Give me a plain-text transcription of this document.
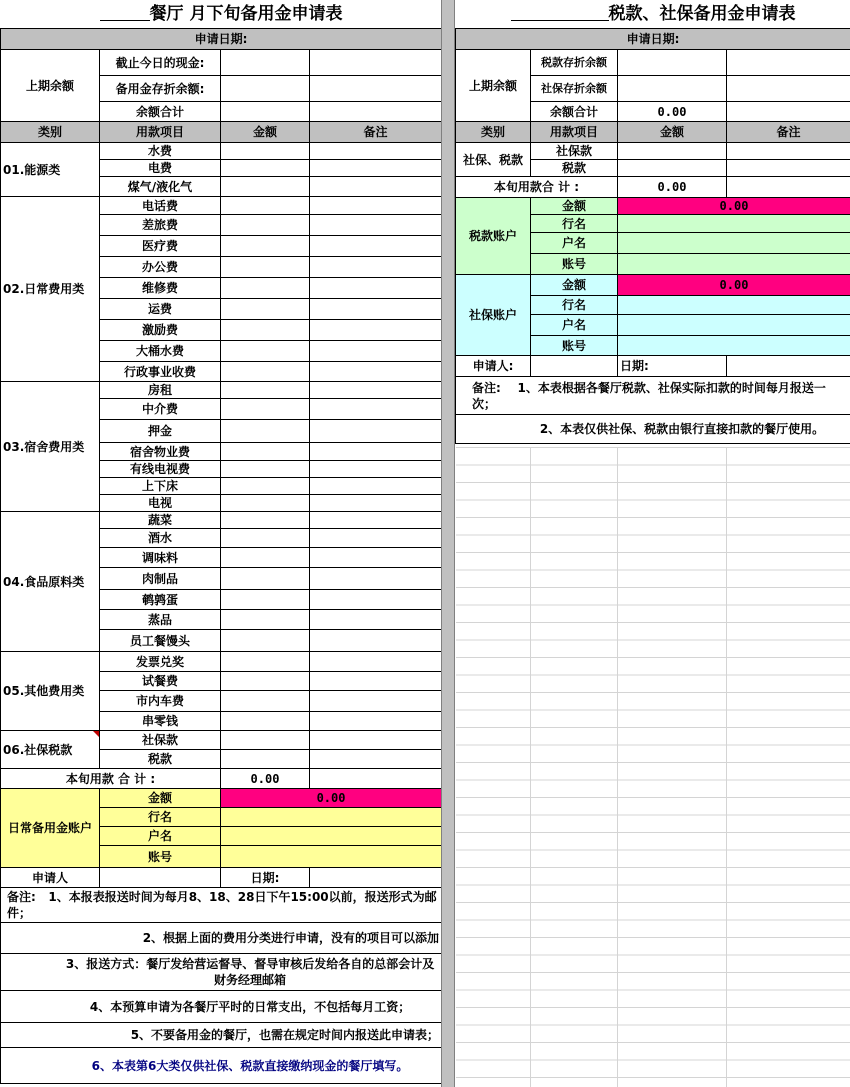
餐厅 月下旬备用金申请表			
申请日期:			
上期余额	截止今日的现金:		
	备用金存折余额:		
	余额合计		
类别	用款项目	金额	备注
01.能源类	水费		
	电费		
	煤气/液化气		
02.日常费用类	电话费		
	差旅费		
	医疗费		
	办公费		
	维修费		
	运费		
	激励费		
	大桶水费		
	行政事业收费		
03.宿舍费用类	房租		
	中介费		
	押金		
	宿舍物业费		
	有线电视费		
	上下床		
	电视		
04.食品原料类	蔬菜		
	酒水		
	调味料		
	肉制品		
	鹌鹑蛋		
	蒸品		
	员工餐馒头		
05.其他费用类	发票兑奖		
	试餐费		
	市内车费		
	串零钱		
06.社保税款	社保款		
	税款		
本旬用款 合 计 :		0.00	
日常备用金账户	金额	0.00	
	行名		
	户名		
	账号		
申请人		日期:	
备注: 1、本报表报送时间为每月8、18、28日下午15:00以前，报送形式为邮件；			
2、根据上面的费用分类进行申请，没有的项目可以添加			
3、报送方式：餐厅发给营运督导、督导审核后发给各自的总部会计及财务经理邮箱			
4、本预算申请为各餐厅平时的日常支出，不包括每月工资；			
5、不要备用金的餐厅，也需在规定时间内报送此申请表；			
6、本表第6大类仅供社保、税款直接缴纳现金的餐厅填写。			
税款、社保备用金申请表			
申请日期:			
上期余额	税款存折余额		
	社保存折余额		
	余额合计	0.00	
类别	用款项目	金额	备注
社保、税款	社保款		
	税款		
本旬用款合 计 :		0.00	
税款账户	金额	0.00	
	行名		
	户名		
	账号		
社保账户	金额	0.00	
	行名		
	户名		
	账号		
申请人:		日期:	
备注: 1、本表根据各餐厅税款、社保实际扣款的时间每月报送一次；			
2、本表仅供社保、税款由银行直接扣款的餐厅使用。			
